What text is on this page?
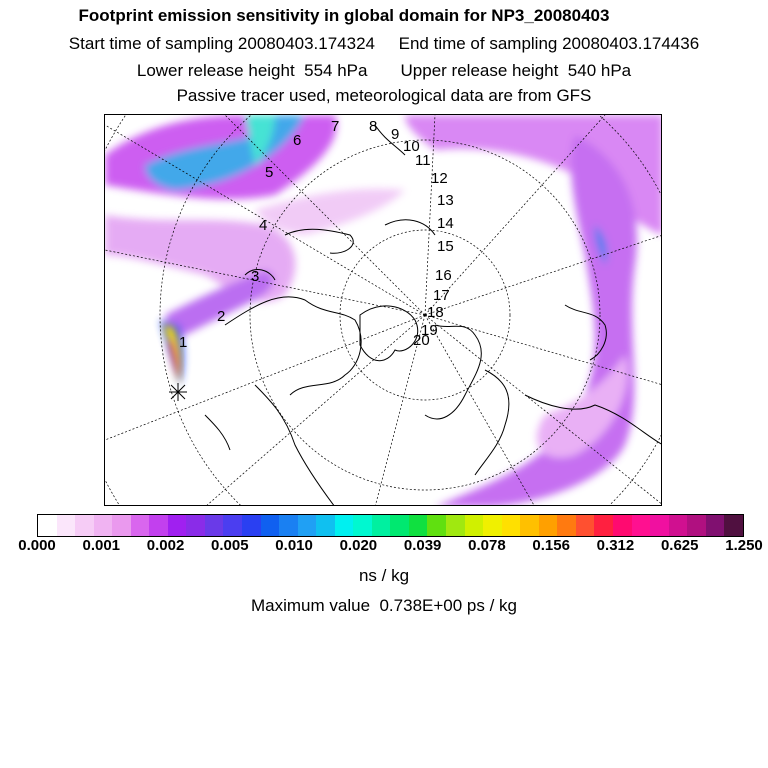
Footprint emission sensitivity in global domain for NP3_20080403
Start time of sampling 20080403.174324     End time of sampling 20080403.174436
Lower release height  554 hPa       Upper release height  540 hPa
Passive tracer used, meteorological data are from GFS
1
2
3
4
5
6
7 8 9
10
11
12
13
14
15
16
17
18
19
20
0.000 0.001 0.002 0.005 0.010 0.020 0.039 0.078 0.156 0.312 0.625 1.250
ns / kg
Maximum value  0.738E+00 ps / kg
